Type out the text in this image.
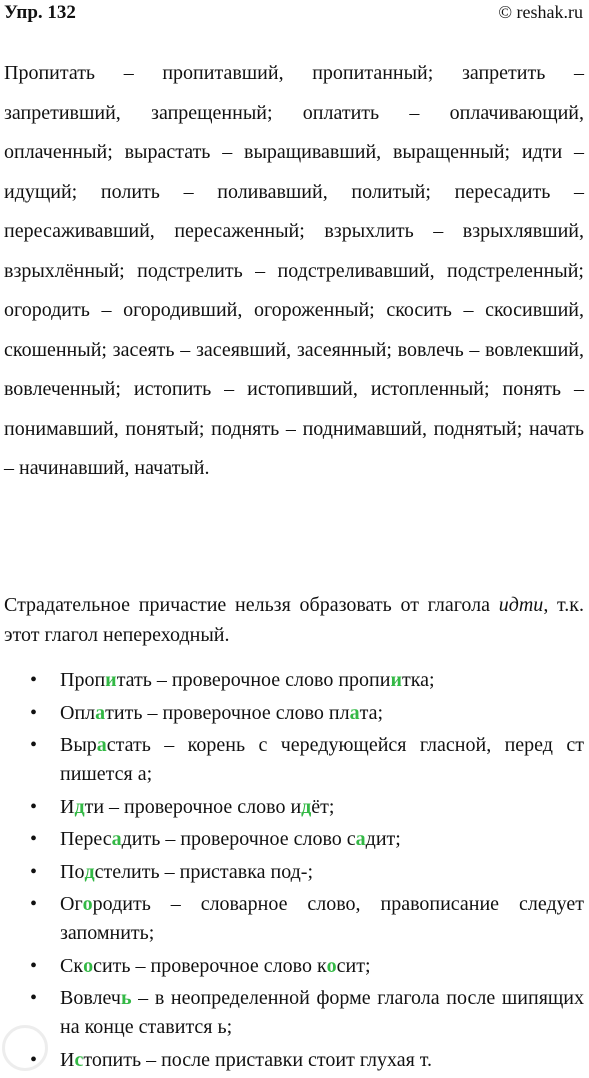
Упр. 132	© reshak.ru

Пропитать – пропитавший, пропитанный; запретить – запретивший, запрещенный; оплатить – оплачивающий, оплаченный; вырастать – выращивавший, выращенный; идти – идущий; полить – поливавший, политый; пересадить – пересаживавший, пересаженный; взрыхлить – взрыхлявший, взрыхлённый; подстрелить – подстреливавший, подстреленный; огородить – огородивший, огороженный; скосить – скосивший, скошенный; засеять – засеявший, засеянный; вовлечь – вовлекший, вовлеченный; истопить – истопивший, истопленный; понять – понимавший, понятый; поднять – поднимавший, поднятый; начать – начинавший, начатый.

Страдательное причастие нельзя образовать от глагола идти, т.к. этот глагол непереходный.

• Пропитать – проверочное слово пропиитка;
• Оплатить – проверочное слово плата;
• Вырастать – корень с чередующейся гласной, перед ст пишется а;
• Идти – проверочное слово идёт;
• Пересадить – проверочное слово садит;
• Подстелить – приставка под-;
• Огородить – словарное слово, правописание следует запомнить;
• Скосить – проверочное слово косит;
• Вовлечь – в неопределенной форме глагола после шипящих на конце ставится ь;
• Истопить – после приставки стоит глухая т.
